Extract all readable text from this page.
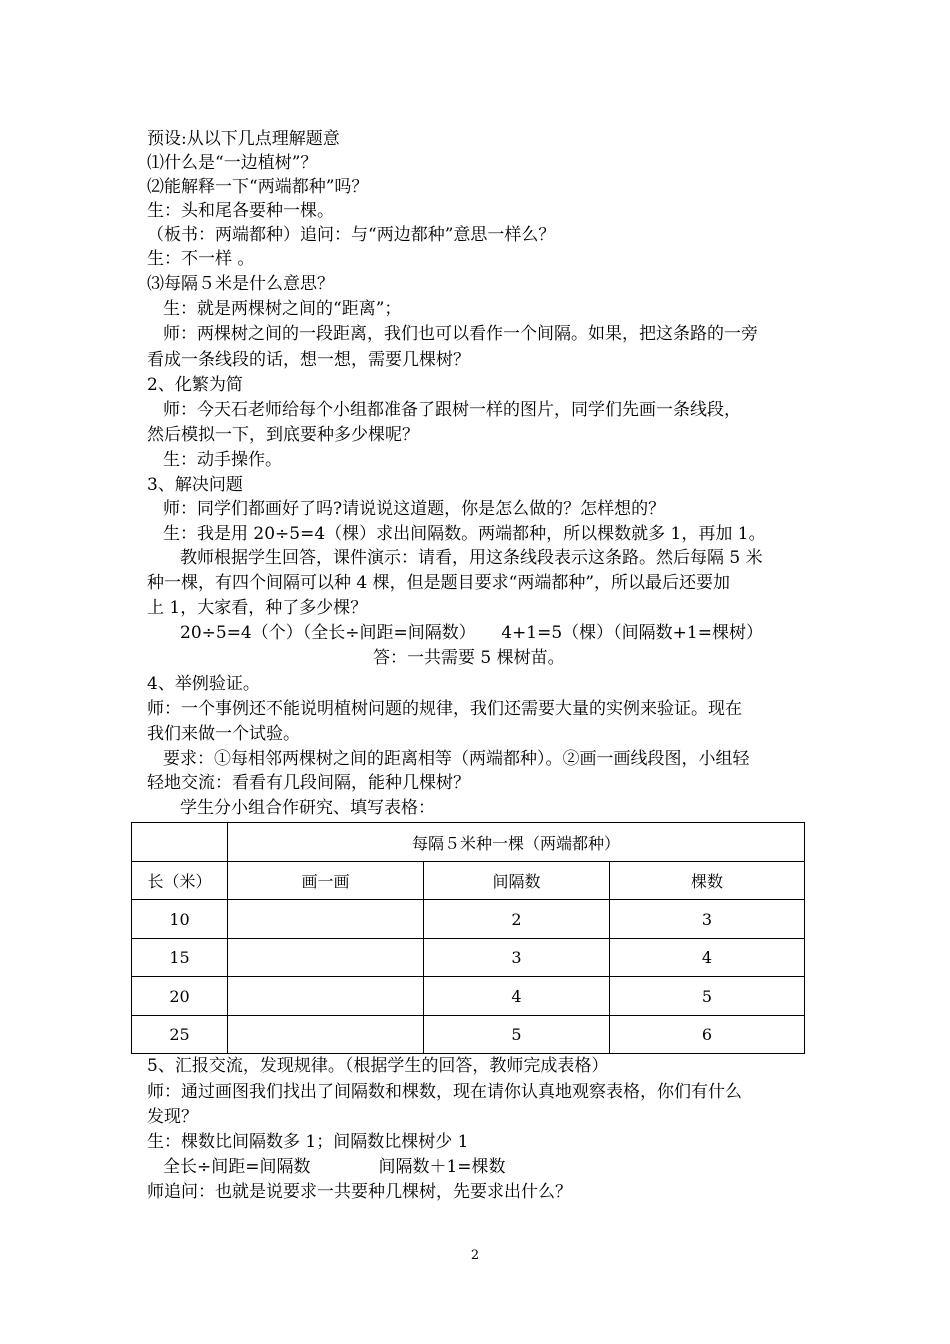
预设:从以下几点理解题意
⑴什么是“一边植树”？
⑵能解释一下“两端都种”吗？
生：头和尾各要种一棵。
（板书：两端都种）追问：与“两边都种”意思一样么？
生：不一样 。
⑶每隔５米是什么意思？
生：就是两棵树之间的“距离”；
师：两棵树之间的一段距离，我们也可以看作一个间隔。如果，把这条路的一旁
看成一条线段的话，想一想，需要几棵树？
2、化繁为简
师：今天石老师给每个小组都准备了跟树一样的图片，同学们先画一条线段，
然后模拟一下，到底要种多少棵呢？
生：动手操作。
3、解决问题
师：同学们都画好了吗?请说说这道题，你是怎么做的？怎样想的？
生：我是用 20÷5=4（棵）求出间隔数。两端都种，所以棵数就多 1，再加 1。
教师根据学生回答，课件演示：请看，用这条线段表示这条路。然后每隔 5 米
种一棵，有四个间隔可以种 4 棵，但是题目要求“两端都种”，所以最后还要加
上 1，大家看，种了多少棵？
20÷5=4（个）（全长÷间距=间隔数）　　4+1=5（棵）（间隔数+1=棵树）
答：一共需要 5 棵树苗。
4、举例验证。
师：一个事例还不能说明植树问题的规律，我们还需要大量的实例来验证。现在
我们来做一个试验。
要求：①每相邻两棵树之间的距离相等（两端都种）。②画一画线段图，小组轻
轻地交流：看看有几段间隔，能种几棵树？
学生分小组合作研究、填写表格：
	每隔５米种一棵（两端都种）		
长（米）	画一画	间隔数	棵数
10		2	3
15		3	4
20		4	5
25		5	6
5、汇报交流，发现规律。（根据学生的回答，教师完成表格）
师：通过画图我们找出了间隔数和棵数，现在请你认真地观察表格，你们有什么
发现？
生：棵数比间隔数多 1；间隔数比棵树少 1
全长÷间距=间隔数　　　　间隔数＋1=棵数
师追问：也就是说要求一共要种几棵树，先要求出什么？
2
